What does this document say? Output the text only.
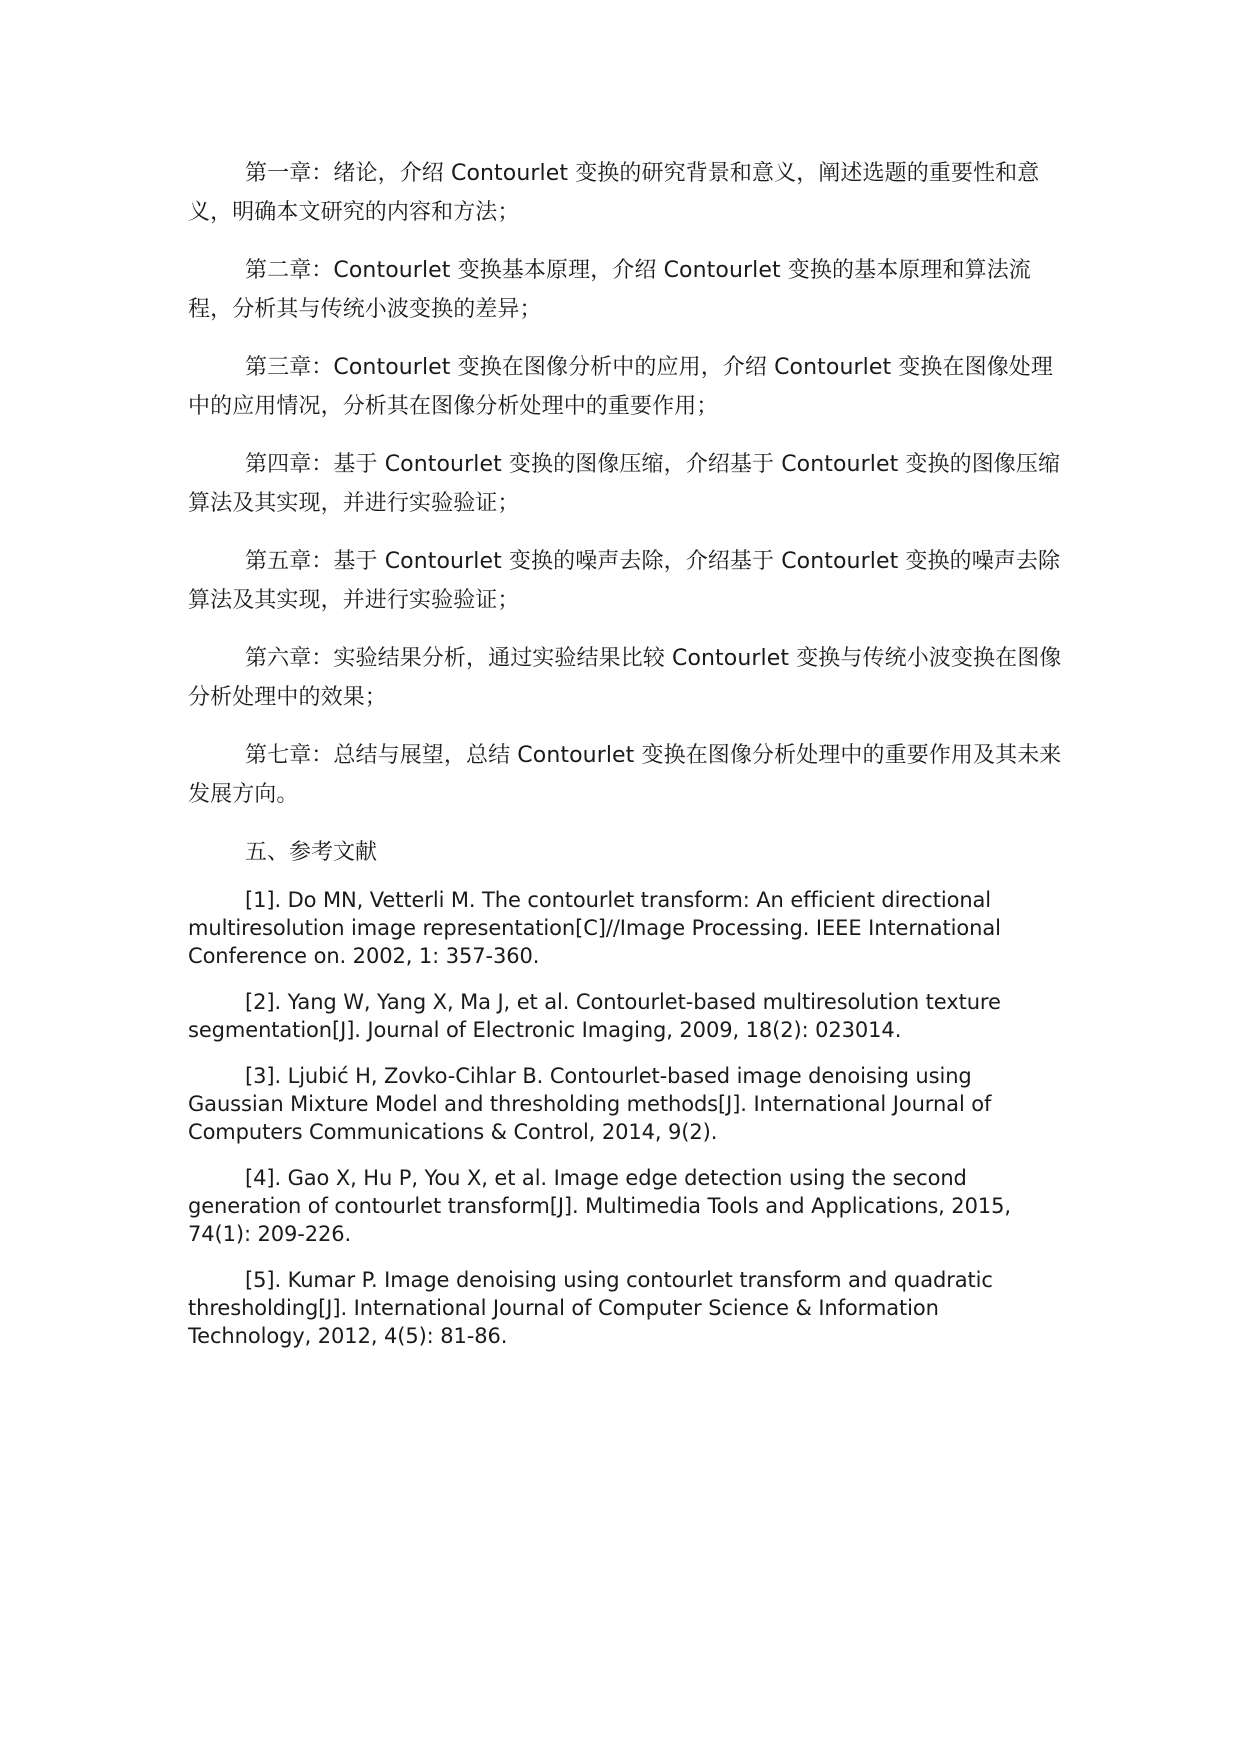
第一章：绪论，介绍 Contourlet 变换的研究背景和意义，阐述选题的重要性和意义，明确本文研究的内容和方法；

第二章：Contourlet 变换基本原理，介绍 Contourlet 变换的基本原理和算法流程，分析其与传统小波变换的差异；

第三章：Contourlet 变换在图像分析中的应用，介绍 Contourlet 变换在图像处理中的应用情况，分析其在图像分析处理中的重要作用；

第四章：基于 Contourlet 变换的图像压缩，介绍基于 Contourlet 变换的图像压缩算法及其实现，并进行实验验证；

第五章：基于 Contourlet 变换的噪声去除，介绍基于 Contourlet 变换的噪声去除算法及其实现，并进行实验验证；

第六章：实验结果分析，通过实验结果比较 Contourlet 变换与传统小波变换在图像分析处理中的效果；

第七章：总结与展望，总结 Contourlet 变换在图像分析处理中的重要作用及其未来发展方向。

五、参考文献

[1]. Do MN, Vetterli M. The contourlet transform: An efficient directional multiresolution image representation[C]//Image Processing. IEEE International Conference on. 2002, 1: 357-360.
[2]. Yang W, Yang X, Ma J, et al. Contourlet-based multiresolution texture segmentation[J]. Journal of Electronic Imaging, 2009, 18(2): 023014.
[3]. Ljubić H, Zovko-Cihlar B. Contourlet-based image denoising using Gaussian Mixture Model and thresholding methods[J]. International Journal of Computers Communications & Control, 2014, 9(2).
[4]. Gao X, Hu P, You X, et al. Image edge detection using the second generation of contourlet transform[J]. Multimedia Tools and Applications, 2015, 74(1): 209-226.
[5]. Kumar P. Image denoising using contourlet transform and quadratic thresholding[J]. International Journal of Computer Science & Information Technology, 2012, 4(5): 81-86.
